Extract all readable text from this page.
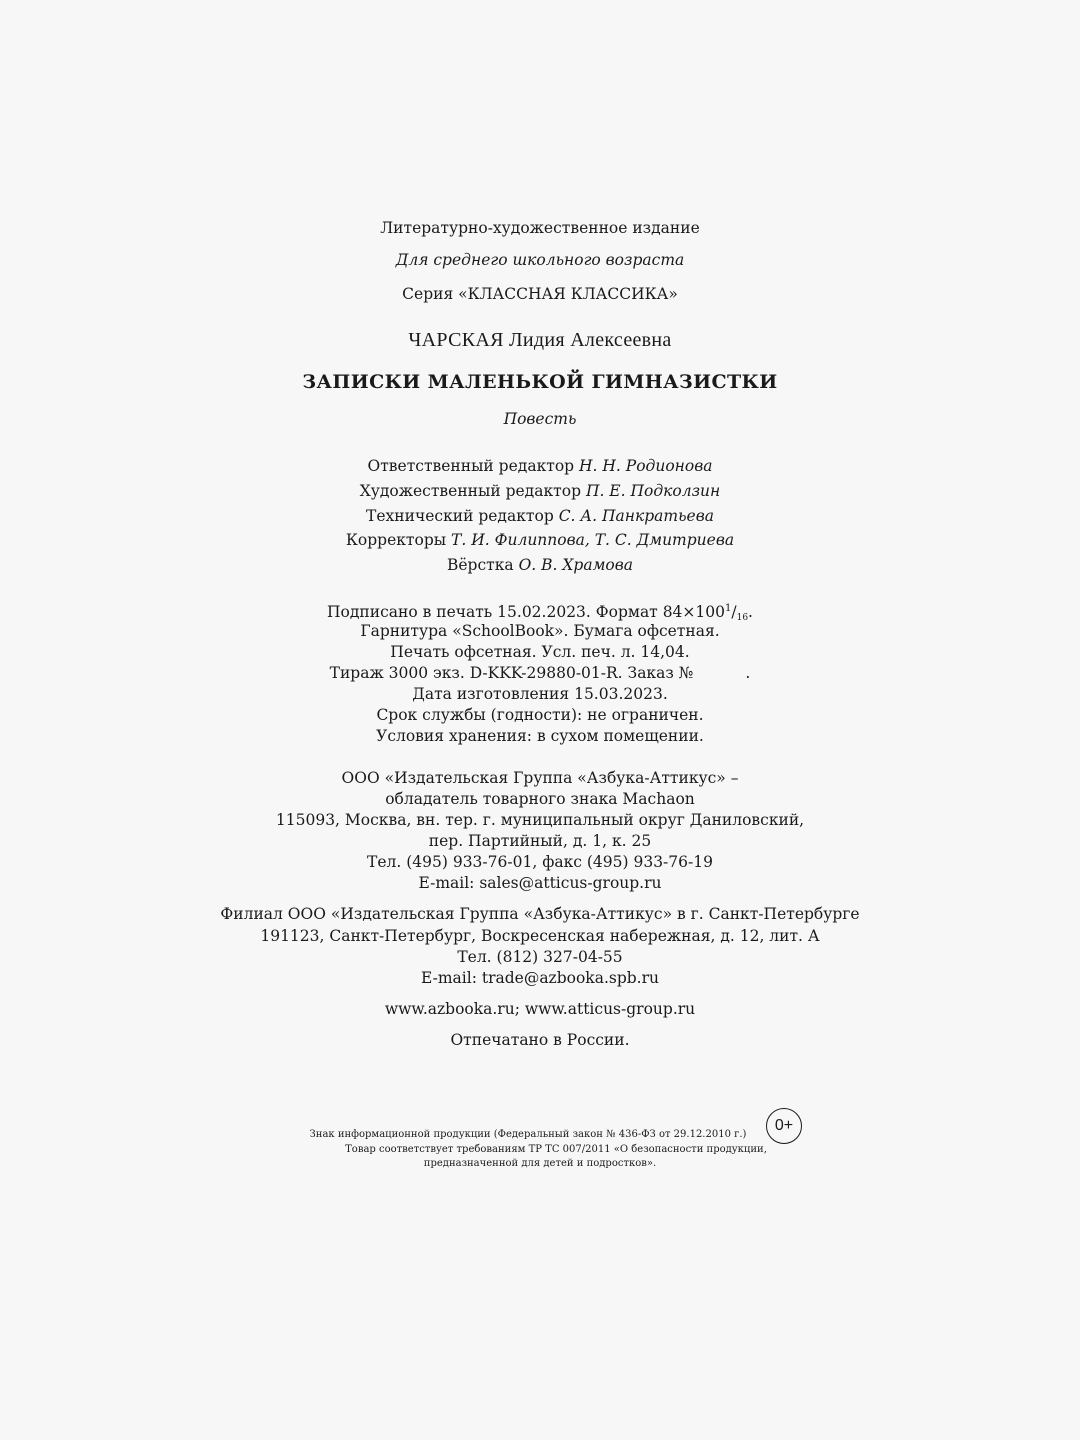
Литературно-художественное издание
Для среднего школьного возраста
Серия «КЛАССНАЯ КЛАССИКА»
ЧАРСКАЯ Лидия Алексеевна
ЗАПИСКИ МАЛЕНЬКОЙ ГИМНАЗИСТКИ
Повесть
Ответственный редактор Н. Н. Родионова
Художественный редактор П. Е. Подколзин
Технический редактор С. А. Панкратьева
Корректоры Т. И. Филиппова, Т. С. Дмитриева
Вёрстка О. В. Храмова
Подписано в печать 15.02.2023. Формат $84\times 100^1/_{16}$.
Гарнитура «SchoolBook». Бумага офсетная.
Печать офсетная. Усл. печ. л. 14,04.
Тираж 3000 экз. D-KKK-29880-01-R. Заказ №	.
Дата изготовления 15.03.2023.
Срок службы (годности): не ограничен.
Условия хранения: в сухом помещении.
ООО «Издательская Группа «Азбука-Аттикус» –
обладатель товарного знака Machaon
115093, Москва, вн. тер. г. муниципальный округ Даниловский,
пер. Партийный, д. 1, к. 25
Тел. (495) 933-76-01, факс (495) 933-76-19
E-mail: sales@atticus-group.ru
Филиал ООО «Издательская Группа «Азбука-Аттикус» в г. Санкт-Петербурге
191123, Санкт-Петербург, Воскресенская набережная, д. 12, лит. А
Тел. (812) 327-04-55
E-mail: trade@azbooka.spb.ru
www.azbooka.ru; www.atticus-group.ru
Отпечатано в России.
Знак информационной продукции (Федеральный закон № 436-ФЗ от 29.12.2010 г.)
Товар соответствует требованиям ТР ТС 007/2011 «О безопасности продукции,
предназначенной для детей и подростков».
0+
